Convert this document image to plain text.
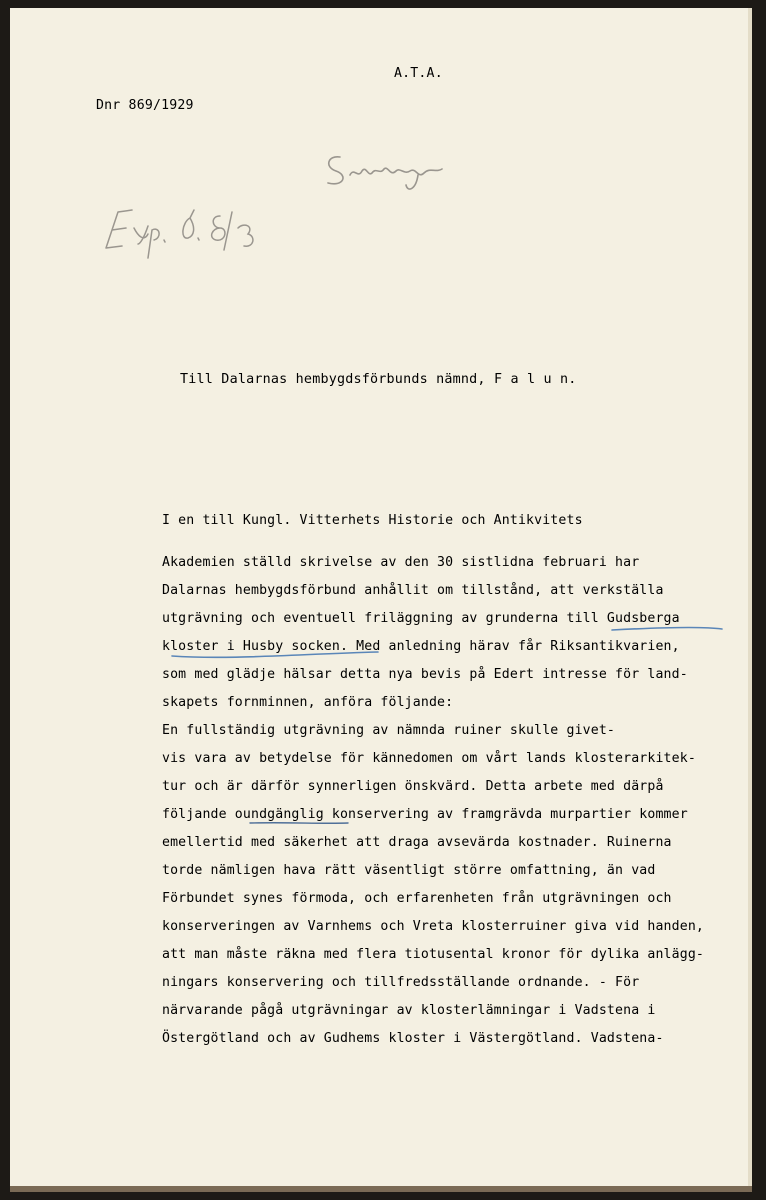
A.T.A.
Dnr 869/1929
Till Dalarnas hembygdsförbunds nämnd, F a l u n.
I en till Kungl. Vitterhets Historie och Antikvitets
Akademien ställd skrivelse av den 30 sistlidna februari har
Dalarnas hembygdsförbund anhållit om tillstånd, att verkställa
utgrävning och eventuell friläggning av grunderna till Gudsberga
kloster i Husby socken. Med anledning härav får Riksantikvarien,
som med glädje hälsar detta nya bevis på Edert intresse för land-
skapets fornminnen, anföra följande:
En fullständig utgrävning av nämnda ruiner skulle givet-
vis vara av betydelse för kännedomen om vårt lands klosterarkitek-
tur och är därför synnerligen önskvärd. Detta arbete med därpå
följande oundgänglig konservering av framgrävda murpartier kommer
emellertid med säkerhet att draga avsevärda kostnader. Ruinerna
torde nämligen hava rätt väsentligt större omfattning, än vad
Förbundet synes förmoda, och erfarenheten från utgrävningen och
konserveringen av Varnhems och Vreta klosterruiner giva vid handen,
att man måste räkna med flera tiotusental kronor för dylika anlägg-
ningars konservering och tillfredsställande ordnande. - För
närvarande pågå utgrävningar av klosterlämningar i Vadstena i
Östergötland och av Gudhems kloster i Västergötland. Vadstena-
